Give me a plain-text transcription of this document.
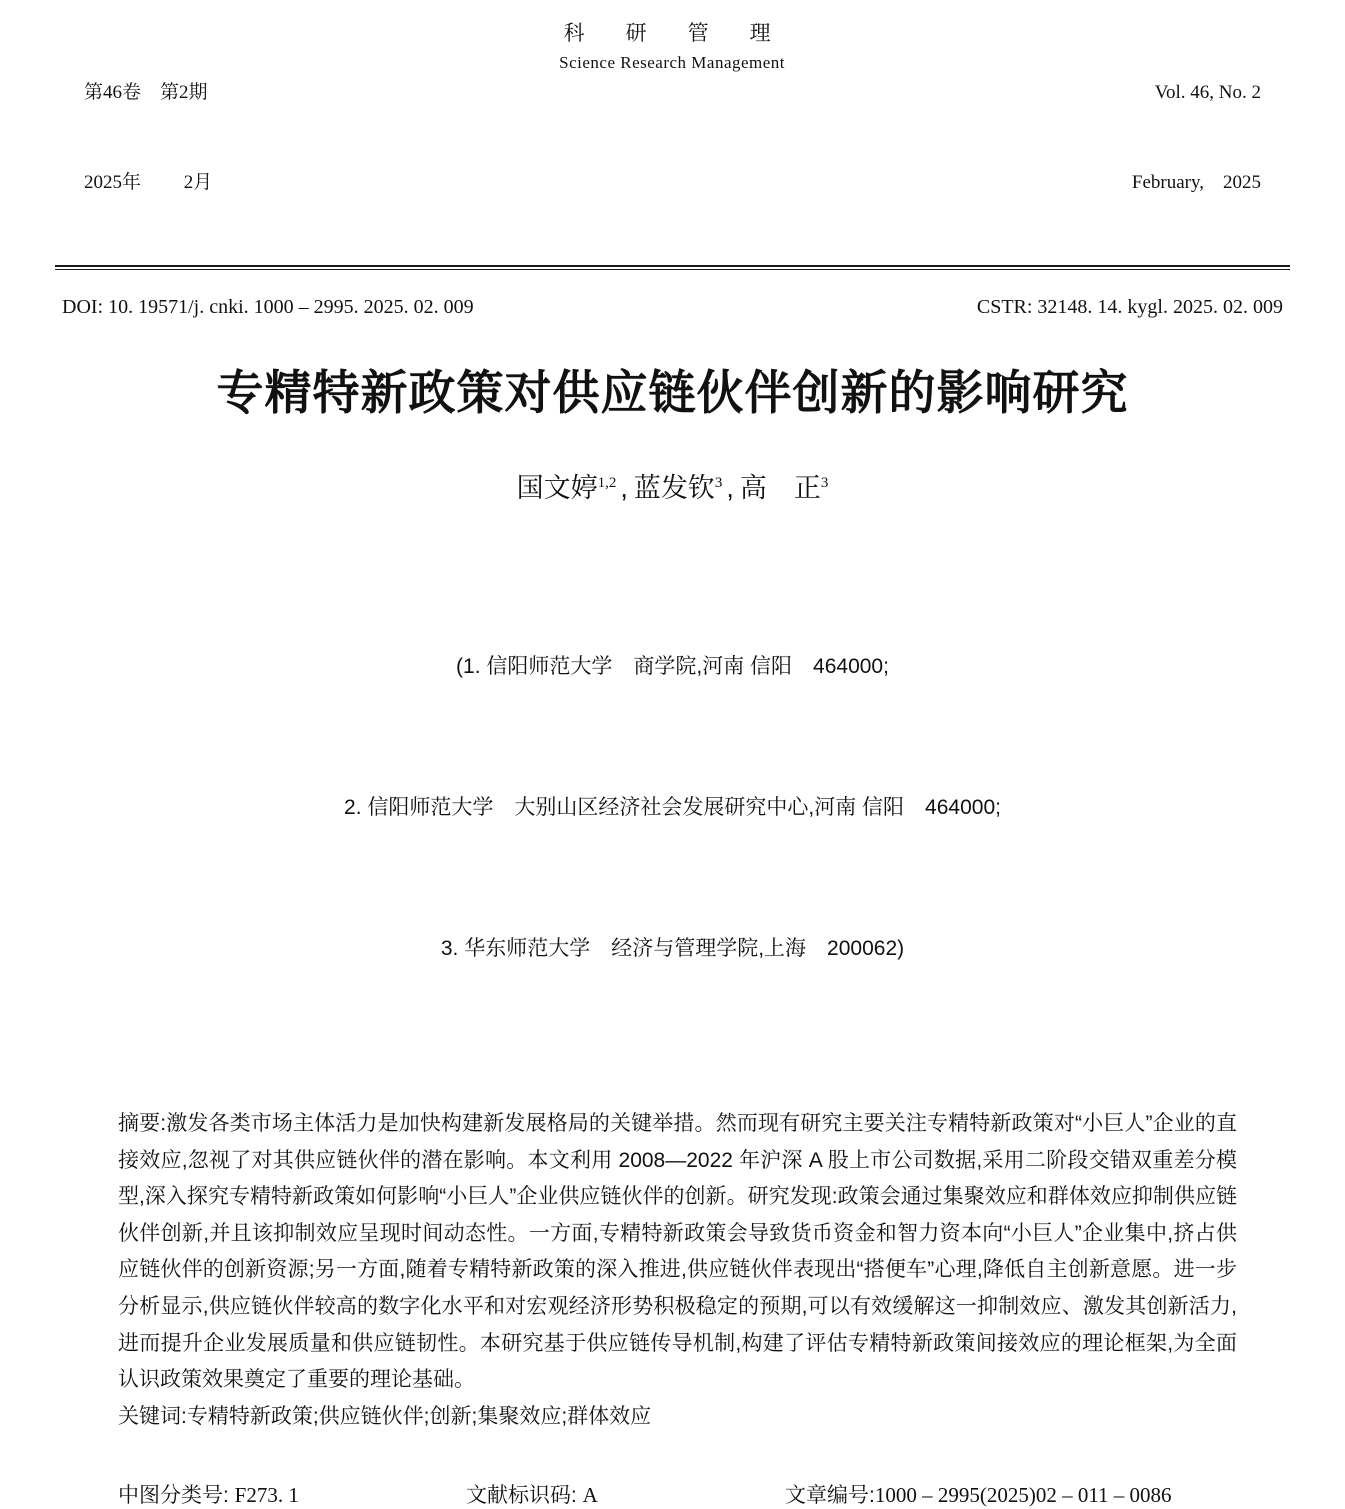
第46卷　第2期

2025年　　 2月

科　研　管　理
Science Research Management

Vol. 46, No. 2

February,    2025

DOI: 10. 19571/j. cnki. 1000 – 2995. 2025. 02. 009	CSTR: 32148. 14. kygl. 2025. 02. 009
专精特新政策对供应链伙伴创新的影响研究
国文婷$^{1,2}$ , 蓝发钦$^3$ , 高　正$^3$

(1. 信阳师范大学　商学院,河南 信阳　464000;

2. 信阳师范大学　大别山区经济社会发展研究中心,河南 信阳　464000;

3. 华东师范大学　经济与管理学院,上海　200062)

摘要:激发各类市场主体活力是加快构建新发展格局的关键举措。然而现有研究主要关注专精特新政策对“小巨人”企业的直接效应,忽视了对其供应链伙伴的潜在影响。本文利用 2008—2022 年沪深 A 股上市公司数据,采用二阶段交错双重差分模型,深入探究专精特新政策如何影响“小巨人”企业供应链伙伴的创新。研究发现:政策会通过集聚效应和群体效应抑制供应链伙伴创新,并且该抑制效应呈现时间动态性。一方面,专精特新政策会导致货币资金和智力资本向“小巨人”企业集中,挤占供应链伙伴的创新资源;另一方面,随着专精特新政策的深入推进,供应链伙伴表现出“搭便车”心理,降低自主创新意愿。进一步分析显示,供应链伙伴较高的数字化水平和对宏观经济形势积极稳定的预期,可以有效缓解这一抑制效应、激发其创新活力,进而提升企业发展质量和供应链韧性。本研究基于供应链传导机制,构建了评估专精特新政策间接效应的理论框架,为全面认识政策效果奠定了重要的理论基础。
关键词:专精特新政策;供应链伙伴;创新;集聚效应;群体效应
中图分类号: F273. 1	文献标识码: A	文章编号:1000 – 2995(2025)02 – 011 – 0086
